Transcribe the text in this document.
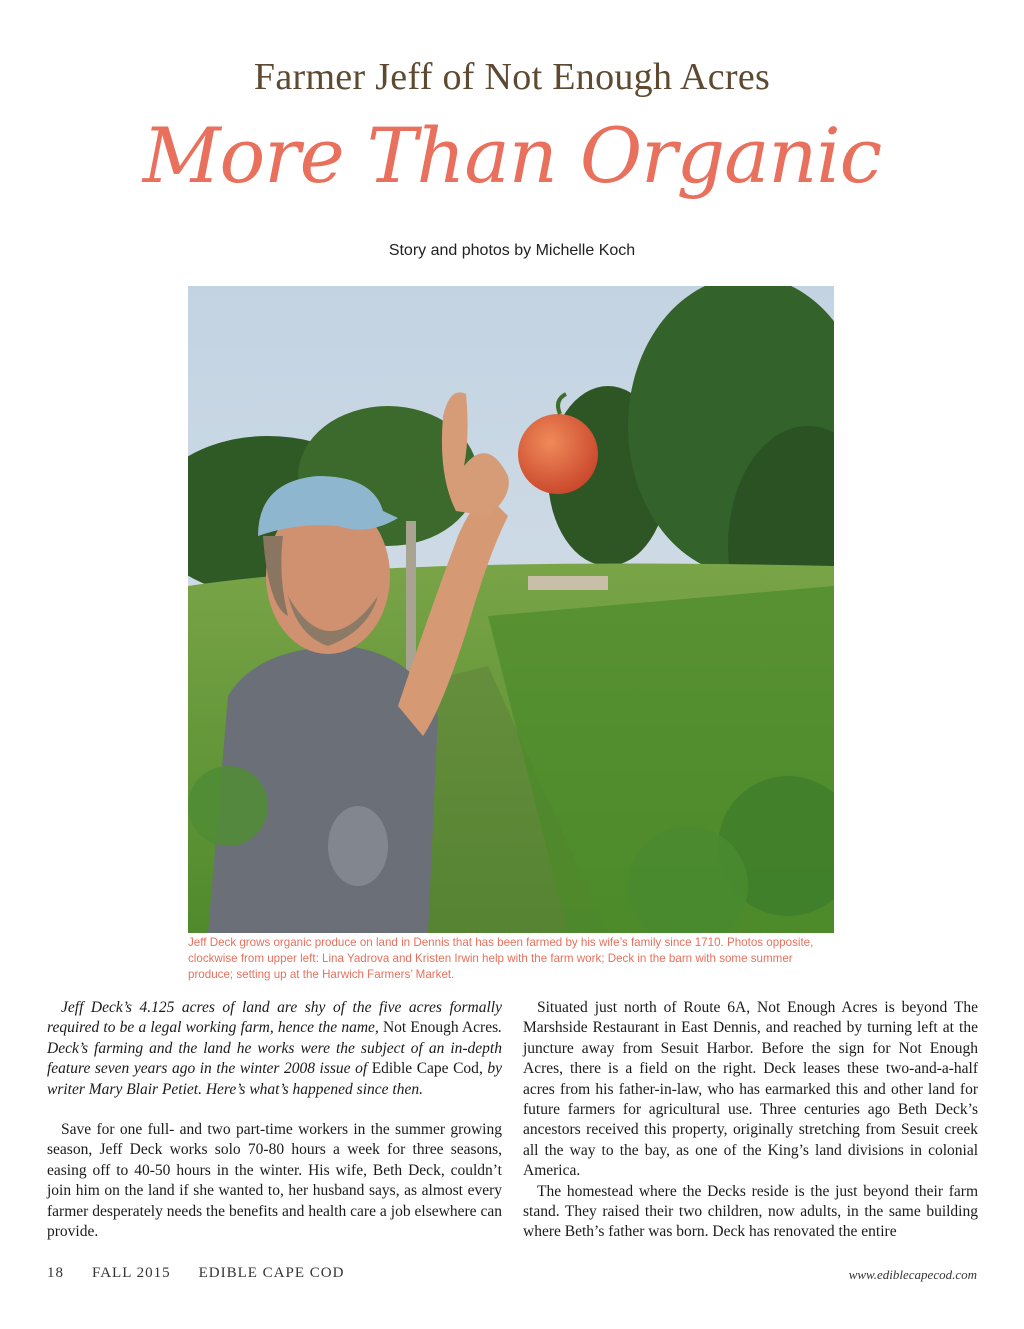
Farmer Jeff of Not Enough Acres
More Than Organic
Story and photos by Michelle Koch
Jeff Deck grows organic produce on land in Dennis that has been farmed by his wife’s family since 1710. Photos opposite, clockwise from upper left: Lina Yadrova and Kristen Irwin help with the farm work; Deck in the barn with some summer produce; setting up at the Harwich Farmers’ Market.

Jeff Deck’s 4.125 acres of land are shy of the five acres formally required to be a legal working farm, hence the name, Not Enough Acres. Deck’s farming and the land he works were the subject of an in-depth feature seven years ago in the winter 2008 issue of Edible Cape Cod, by writer Mary Blair Petiet. Here’s what’s happened since then.

Save for one full- and two part-time workers in the summer growing season, Jeff Deck works solo 70-80 hours a week for three seasons, easing off to 40-50 hours in the winter. His wife, Beth Deck, couldn’t join him on the land if she wanted to, her husband says, as almost every farmer desperately needs the benefits and health care a job elsewhere can provide.

Situated just north of Route 6A, Not Enough Acres is beyond The Marshside Restaurant in East Dennis, and reached by turning left at the juncture away from Sesuit Harbor. Before the sign for Not Enough Acres, there is a field on the right. Deck leases these two-and-a-half acres from his father-in-law, who has earmarked this and other land for future farmers for agricultural use. Three centuries ago Beth Deck’s ancestors received this property, originally stretching from Sesuit creek all the way to the bay, as one of the King’s land divisions in colonial America.

The homestead where the Decks reside is the just beyond their farm stand. They raised their two children, now adults, in the same building where Beth’s father was born. Deck has renovated the entire

18 FALL 2015 EDIBLE CAPE COD	www.ediblecapecod.com
